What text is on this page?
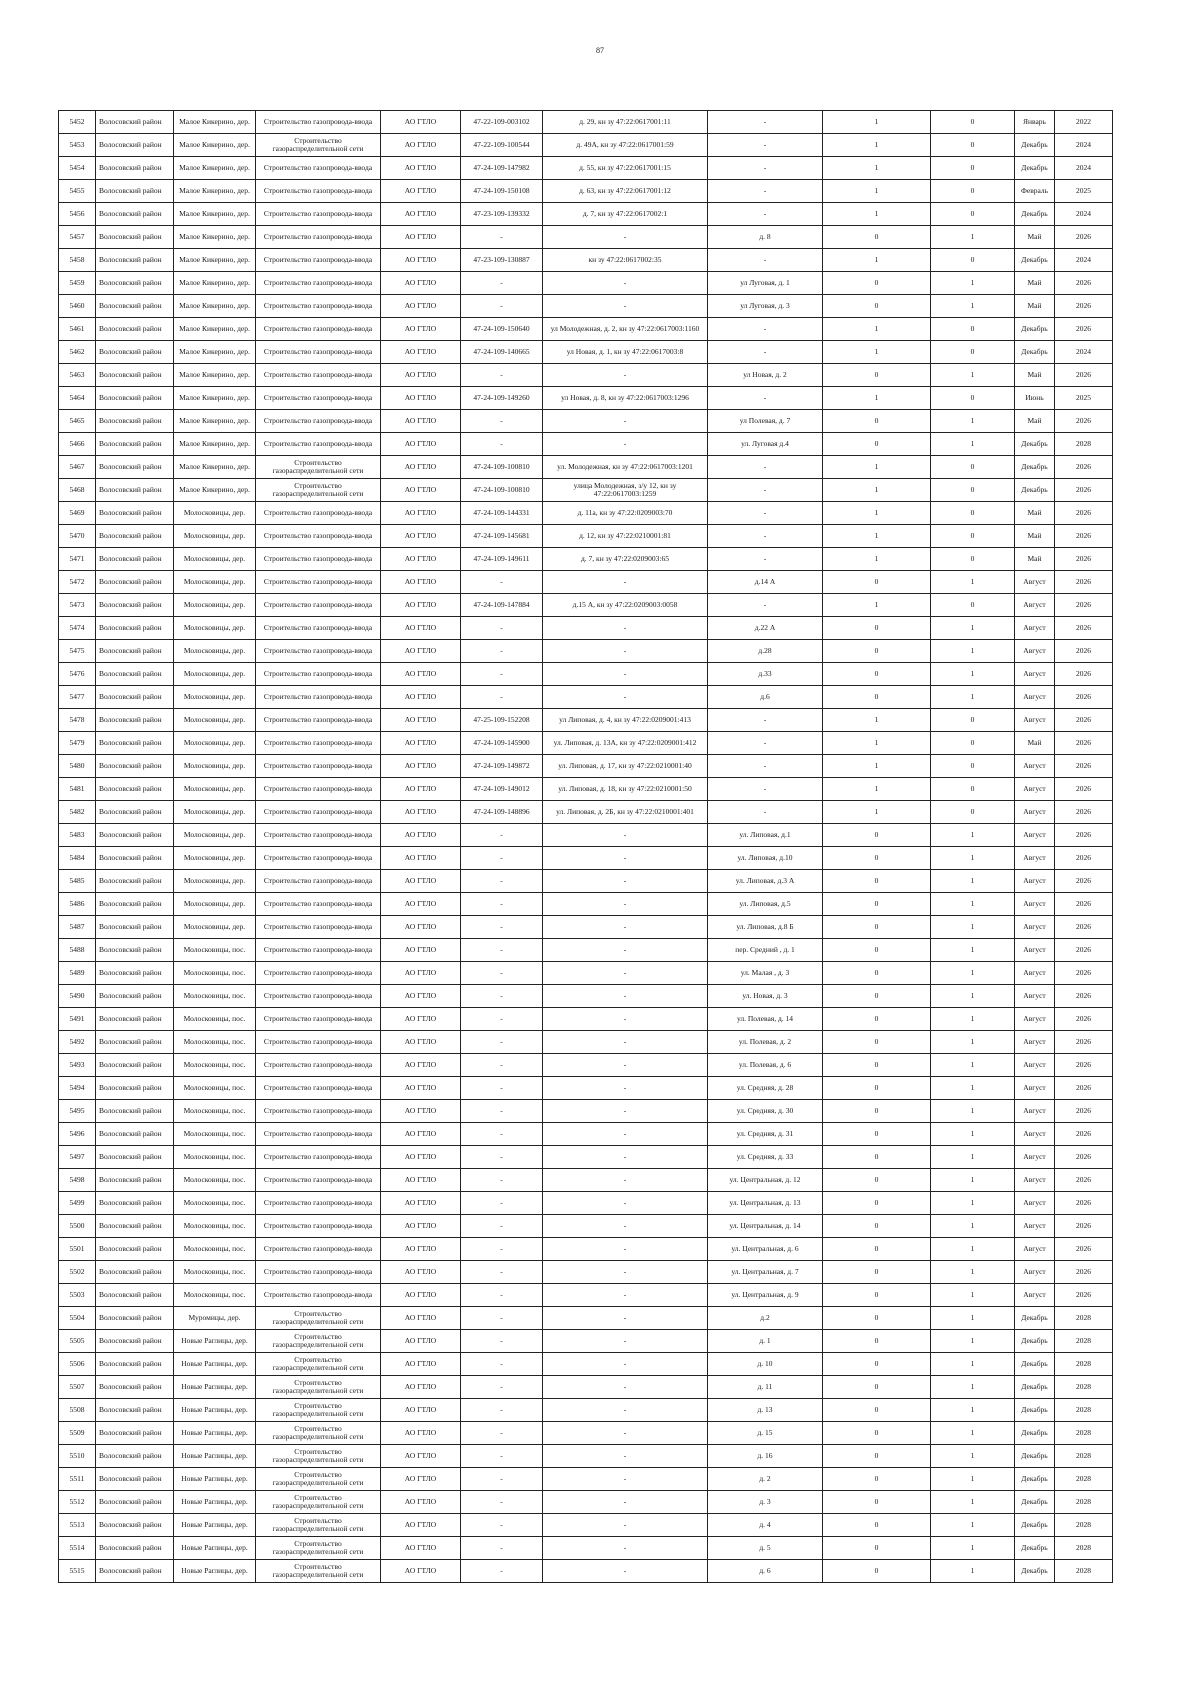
87
5452	Волосовский район	Малое Кикерино, дер.	Строительство газопровода-ввода	АО ГТЛО	47-22-109-003102	д. 29, кн зу 47:22:0617001:11	-	1	0	Январь	2022
5453	Волосовский район	Малое Кикерино, дер.	Строительство газораспределительной сети	АО ГТЛО	47-22-109-100544	д. 49А, кн зу 47:22:0617001:59	-	1	0	Декабрь	2024
5454	Волосовский район	Малое Кикерино, дер.	Строительство газопровода-ввода	АО ГТЛО	47-24-109-147982	д. 55, кн зу 47:22:0617001:15	-	1	0	Декабрь	2024
5455	Волосовский район	Малое Кикерино, дер.	Строительство газопровода-ввода	АО ГТЛО	47-24-109-150108	д. 63, кн зу 47:22:0617001:12	-	1	0	Февраль	2025
5456	Волосовский район	Малое Кикерино, дер.	Строительство газопровода-ввода	АО ГТЛО	47-23-109-139332	д. 7, кн зу 47:22:0617002:1	-	1	0	Декабрь	2024
5457	Волосовский район	Малое Кикерино, дер.	Строительство газопровода-ввода	АО ГТЛО	-	-	д. 8	0	1	Май	2026
5458	Волосовский район	Малое Кикерино, дер.	Строительство газопровода-ввода	АО ГТЛО	47-23-109-130887	кн зу 47:22:0617002:35	-	1	0	Декабрь	2024
5459	Волосовский район	Малое Кикерино, дер.	Строительство газопровода-ввода	АО ГТЛО	-	-	ул Луговая, д. 1	0	1	Май	2026
5460	Волосовский район	Малое Кикерино, дер.	Строительство газопровода-ввода	АО ГТЛО	-	-	ул Луговая, д. 3	0	1	Май	2026
5461	Волосовский район	Малое Кикерино, дер.	Строительство газопровода-ввода	АО ГТЛО	47-24-109-150640	ул Молодежная, д. 2, кн зу 47:22:0617003:1160	-	1	0	Декабрь	2026
5462	Волосовский район	Малое Кикерино, дер.	Строительство газопровода-ввода	АО ГТЛО	47-24-109-140665	ул Новая, д. 1, кн зу 47:22:0617003:8	-	1	0	Декабрь	2024
5463	Волосовский район	Малое Кикерино, дер.	Строительство газопровода-ввода	АО ГТЛО	-	-	ул Новая, д. 2	0	1	Май	2026
5464	Волосовский район	Малое Кикерино, дер.	Строительство газопровода-ввода	АО ГТЛО	47-24-109-149260	ул Новая, д. 8, кн зу 47:22:0617003:1296	-	1	0	Июнь	2025
5465	Волосовский район	Малое Кикерино, дер.	Строительство газопровода-ввода	АО ГТЛО	-	-	ул Полевая, д. 7	0	1	Май	2026
5466	Волосовский район	Малое Кикерино, дер.	Строительство газопровода-ввода	АО ГТЛО	-	-	ул. Луговая д.4	0	1	Декабрь	2028
5467	Волосовский район	Малое Кикерино, дер.	Строительство газораспределительной сети	АО ГТЛО	47-24-109-100810	ул. Молодежная, кн зу 47:22:0617003:1201	-	1	0	Декабрь	2026
5468	Волосовский район	Малое Кикерино, дер.	Строительство газораспределительной сети	АО ГТЛО	47-24-109-100810	улица Молодежная, з/у 12, кн зу 47:22:0617003:1259	-	1	0	Декабрь	2026
5469	Волосовский район	Молосковицы, дер.	Строительство газопровода-ввода	АО ГТЛО	47-24-109-144331	д. 11а, кн зу 47:22:0209003:70	-	1	0	Май	2026
5470	Волосовский район	Молосковицы, дер.	Строительство газопровода-ввода	АО ГТЛО	47-24-109-145681	д. 12, кн зу 47:22:0210001:81	-	1	0	Май	2026
5471	Волосовский район	Молосковицы, дер.	Строительство газопровода-ввода	АО ГТЛО	47-24-109-149611	д. 7, кн зу 47:22:0209003:65	-	1	0	Май	2026
5472	Волосовский район	Молосковицы, дер.	Строительство газопровода-ввода	АО ГТЛО	-	-	д.14 А	0	1	Август	2026
5473	Волосовский район	Молосковицы, дер.	Строительство газопровода-ввода	АО ГТЛО	47-24-109-147884	д.15 А, кн зу 47:22:0209003:0058	-	1	0	Август	2026
5474	Волосовский район	Молосковицы, дер.	Строительство газопровода-ввода	АО ГТЛО	-	-	д.22 А	0	1	Август	2026
5475	Волосовский район	Молосковицы, дер.	Строительство газопровода-ввода	АО ГТЛО	-	-	д.28	0	1	Август	2026
5476	Волосовский район	Молосковицы, дер.	Строительство газопровода-ввода	АО ГТЛО	-	-	д.33	0	1	Август	2026
5477	Волосовский район	Молосковицы, дер.	Строительство газопровода-ввода	АО ГТЛО	-	-	д.6	0	1	Август	2026
5478	Волосовский район	Молосковицы, дер.	Строительство газопровода-ввода	АО ГТЛО	47-25-109-152208	ул Липовая, д. 4, кн зу 47:22:0209001:413	-	1	0	Август	2026
5479	Волосовский район	Молосковицы, дер.	Строительство газопровода-ввода	АО ГТЛО	47-24-109-145900	ул. Липовая, д. 13А, кн зу 47:22:0209001:412	-	1	0	Май	2026
5480	Волосовский район	Молосковицы, дер.	Строительство газопровода-ввода	АО ГТЛО	47-24-109-149872	ул. Липовая, д. 17, кн зу 47:22:0210001:40	-	1	0	Август	2026
5481	Волосовский район	Молосковицы, дер.	Строительство газопровода-ввода	АО ГТЛО	47-24-109-149012	ул. Липовая, д. 18, кн зу 47:22:0210001:50	-	1	0	Август	2026
5482	Волосовский район	Молосковицы, дер.	Строительство газопровода-ввода	АО ГТЛО	47-24-109-148896	ул. Липовая, д. 2Б, кн зу 47:22:0210001:401	-	1	0	Август	2026
5483	Волосовский район	Молосковицы, дер.	Строительство газопровода-ввода	АО ГТЛО	-	-	ул. Липовая, д.1	0	1	Август	2026
5484	Волосовский район	Молосковицы, дер.	Строительство газопровода-ввода	АО ГТЛО	-	-	ул. Липовая, д.10	0	1	Август	2026
5485	Волосовский район	Молосковицы, дер.	Строительство газопровода-ввода	АО ГТЛО	-	-	ул. Липовая, д.3 А	0	1	Август	2026
5486	Волосовский район	Молосковицы, дер.	Строительство газопровода-ввода	АО ГТЛО	-	-	ул. Липовая, д.5	0	1	Август	2026
5487	Волосовский район	Молосковицы, дер.	Строительство газопровода-ввода	АО ГТЛО	-	-	ул. Липовая, д.8 Б	0	1	Август	2026
5488	Волосовский район	Молосковицы, пос.	Строительство газопровода-ввода	АО ГТЛО	-	-	пер. Средний , д. 1	0	1	Август	2026
5489	Волосовский район	Молосковицы, пос.	Строительство газопровода-ввода	АО ГТЛО	-	-	ул. Малая , д. 3	0	1	Август	2026
5490	Волосовский район	Молосковицы, пос.	Строительство газопровода-ввода	АО ГТЛО	-	-	ул. Новая, д. 3	0	1	Август	2026
5491	Волосовский район	Молосковицы, пос.	Строительство газопровода-ввода	АО ГТЛО	-	-	ул. Полевая, д. 14	0	1	Август	2026
5492	Волосовский район	Молосковицы, пос.	Строительство газопровода-ввода	АО ГТЛО	-	-	ул. Полевая, д. 2	0	1	Август	2026
5493	Волосовский район	Молосковицы, пос.	Строительство газопровода-ввода	АО ГТЛО	-	-	ул. Полевая, д. 6	0	1	Август	2026
5494	Волосовский район	Молосковицы, пос.	Строительство газопровода-ввода	АО ГТЛО	-	-	ул. Средняя, д. 28	0	1	Август	2026
5495	Волосовский район	Молосковицы, пос.	Строительство газопровода-ввода	АО ГТЛО	-	-	ул. Средняя, д. 30	0	1	Август	2026
5496	Волосовский район	Молосковицы, пос.	Строительство газопровода-ввода	АО ГТЛО	-	-	ул. Средняя, д. 31	0	1	Август	2026
5497	Волосовский район	Молосковицы, пос.	Строительство газопровода-ввода	АО ГТЛО	-	-	ул. Средняя, д. 33	0	1	Август	2026
5498	Волосовский район	Молосковицы, пос.	Строительство газопровода-ввода	АО ГТЛО	-	-	ул. Центральная, д. 12	0	1	Август	2026
5499	Волосовский район	Молосковицы, пос.	Строительство газопровода-ввода	АО ГТЛО	-	-	ул. Центральная, д. 13	0	1	Август	2026
5500	Волосовский район	Молосковицы, пос.	Строительство газопровода-ввода	АО ГТЛО	-	-	ул. Центральная, д. 14	0	1	Август	2026
5501	Волосовский район	Молосковицы, пос.	Строительство газопровода-ввода	АО ГТЛО	-	-	ул. Центральная, д. 6	0	1	Август	2026
5502	Волосовский район	Молосковицы, пос.	Строительство газопровода-ввода	АО ГТЛО	-	-	ул. Центральная, д. 7	0	1	Август	2026
5503	Волосовский район	Молосковицы, пос.	Строительство газопровода-ввода	АО ГТЛО	-	-	ул. Центральная, д. 9	0	1	Август	2026
5504	Волосовский район	Муромицы, дер.	Строительство газораспределительной сети	АО ГТЛО	-	-	д.2	0	1	Декабрь	2028
5505	Волосовский район	Новые Раглицы, дер.	Строительство газораспределительной сети	АО ГТЛО	-	-	д. 1	0	1	Декабрь	2028
5506	Волосовский район	Новые Раглицы, дер.	Строительство газораспределительной сети	АО ГТЛО	-	-	д. 10	0	1	Декабрь	2028
5507	Волосовский район	Новые Раглицы, дер.	Строительство газораспределительной сети	АО ГТЛО	-	-	д. 11	0	1	Декабрь	2028
5508	Волосовский район	Новые Раглицы, дер.	Строительство газораспределительной сети	АО ГТЛО	-	-	д. 13	0	1	Декабрь	2028
5509	Волосовский район	Новые Раглицы, дер.	Строительство газораспределительной сети	АО ГТЛО	-	-	д. 15	0	1	Декабрь	2028
5510	Волосовский район	Новые Раглицы, дер.	Строительство газораспределительной сети	АО ГТЛО	-	-	д. 16	0	1	Декабрь	2028
5511	Волосовский район	Новые Раглицы, дер.	Строительство газораспределительной сети	АО ГТЛО	-	-	д. 2	0	1	Декабрь	2028
5512	Волосовский район	Новые Раглицы, дер.	Строительство газораспределительной сети	АО ГТЛО	-	-	д. 3	0	1	Декабрь	2028
5513	Волосовский район	Новые Раглицы, дер.	Строительство газораспределительной сети	АО ГТЛО	-	-	д. 4	0	1	Декабрь	2028
5514	Волосовский район	Новые Раглицы, дер.	Строительство газораспределительной сети	АО ГТЛО	-	-	д. 5	0	1	Декабрь	2028
5515	Волосовский район	Новые Раглицы, дер.	Строительство газораспределительной сети	АО ГТЛО	-	-	д. 6	0	1	Декабрь	2028
